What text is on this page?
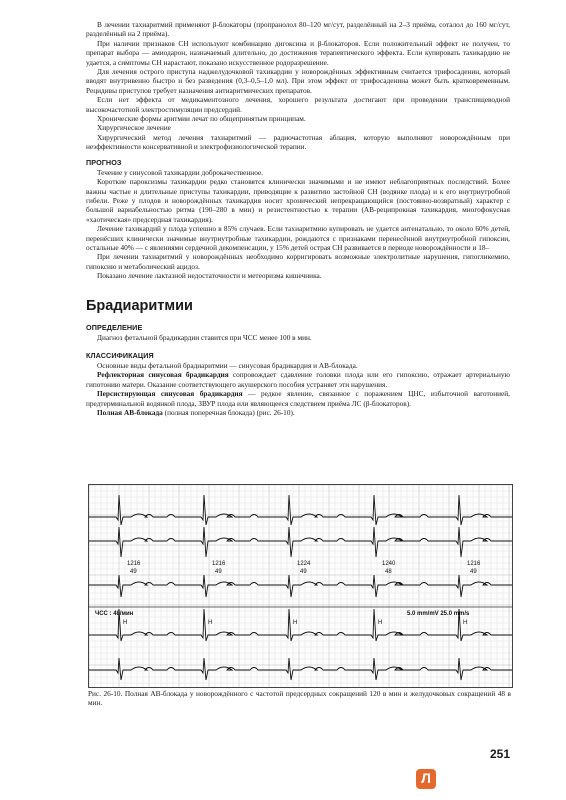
В лечении тахиаритмий применяют β-блокаторы (пропранолол 80–120 мг/сут, разделённый на 2–3 приёма, соталол до 160 мг/сут, разделённый на 2 приёма).

При наличии признаков СН используют комбинацию дигоксина и β-блокаторов. Если положительный эффект не получен, то препарат выбора — амиодарон, назначаемый длительно, до достижения терапевтического эффекта. Если купировать тахикардию не удается, а симптомы СН нарастают, показано искусственное родоразрешение.

Для лечения острого приступа наджелудочковой тахикардии у новорождённых эффективным считается трифосаденин, который вводят внутривенно быстро и без разведения (0,3–0,5–1,0 мл). При этом эффект от трифосаденина может быть кратковременным. Рецидивы приступов требует назначения антиаритмических препаратов.

Если нет эффекта от медикаментозного лечения, хорошего результата достигают при проведении транспищеводной высокочастотной электростимуляции предсердий.

Хронические формы аритмии лечат по общепринятым принципам.

Хирургическое лечение

Хирургический метод лечения тахиаритмий — радиочастотная аблация, которую выполняют новорождённым при неэффективности консервативной и электрофизиологической терапии.

ПРОГНОЗ

Течение у синусовой тахикардии доброкачественное.

Короткие пароксизмы тахикардии редко становятся клинически значимыми и не имеют неблагоприятных последствий. Более важны частые и длительные приступы тахикардии, приводящие к развитию застойной СН (водянке плода) и к его внутриутробной гибели. Реже у плодов и новорождённых тахикардия носит хронический непрекращающийся (постоянно-возвратный) характер с большой вариабельностью ритма (190–280 в мин) и резистентностью к терапии (АВ-реципрокная тахикардия, многофокусная «хаотическая» предсердная тахикардия).

Лечение тахикардий у плода успешно в 85% случаев. Если тахиаритмию купировать не удается антенатально, то около 60% детей, перенёсших клинически значимые внутриутробные тахикардии, рождаются с признаками перенесённой внутриутробной гипоксии, остальные 40% — с явлениями сердечной декомпенсации, у 15% детей острая СН развивается в периоде новорождённости и 18–

При лечении тахиаритмий у новорождённых необходимо корригировать возможные электролитные нарушения, гипогликемию, гипоксию и метаболический ацидоз.

Показано лечение лактазной недостаточности и метеоризма кишечника.

Брадиаритмии
ОПРЕДЕЛЕНИЕ

Диагноз фетальной брадикардии ставится при ЧСС менее 100 в мин.

КЛАССИФИКАЦИЯ

Основные виды фетальной брадиаритмии — синусовая брадикардия и АВ-блокада.

Рефлекторная синусовая брадикардия сопровождает сдавление головки плода или его гипоксию, отражает артериальную гипотонию матери. Оказание соответствующего акушерского пособия устраняет эти нарушения.

Персистирующая синусовая брадикардия — редкое явление, связанное с поражением ЦНС, избыточной ваготонией, предтерминальной водянкой плода, ЗВУР плода или являющееся следствием приёма ЛС (β-блокаторов).

Полная АВ-блокада (полная поперечная блокада) (рис. 26-10).

1216
49
1216
49
1224
49
1240
48
1216
49
ЧСС : 48/мин	5.0 mm/mV 25.0 mm/s
H	H	H	H	H

Рис. 26-10. Полная АВ-блокада у новорождённого с частотой предсердных сокращений 120 в мин и желудочковых сокращений 48 в мин.

251
Л
